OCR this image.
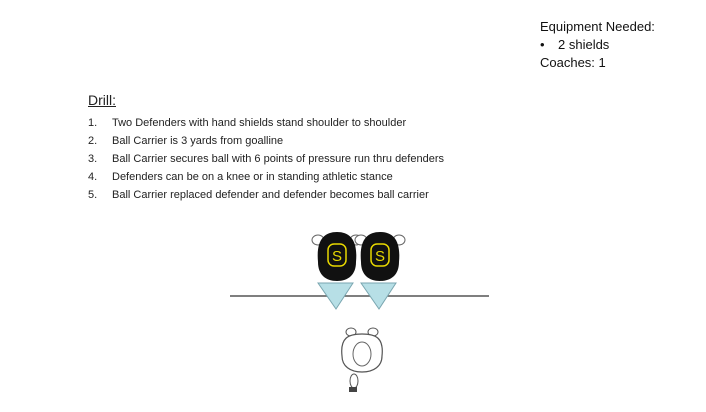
Equipment Needed:
• 2 shields
Coaches: 1
Drill:
1. Two Defenders with hand shields stand shoulder to shoulder
2. Ball Carrier is 3 yards from goalline
3. Ball Carrier secures ball with 6 points of pressure run thru defenders
4. Defenders can be on a knee or in standing athletic stance
5. Ball Carrier replaced defender and defender becomes ball carrier
S S
